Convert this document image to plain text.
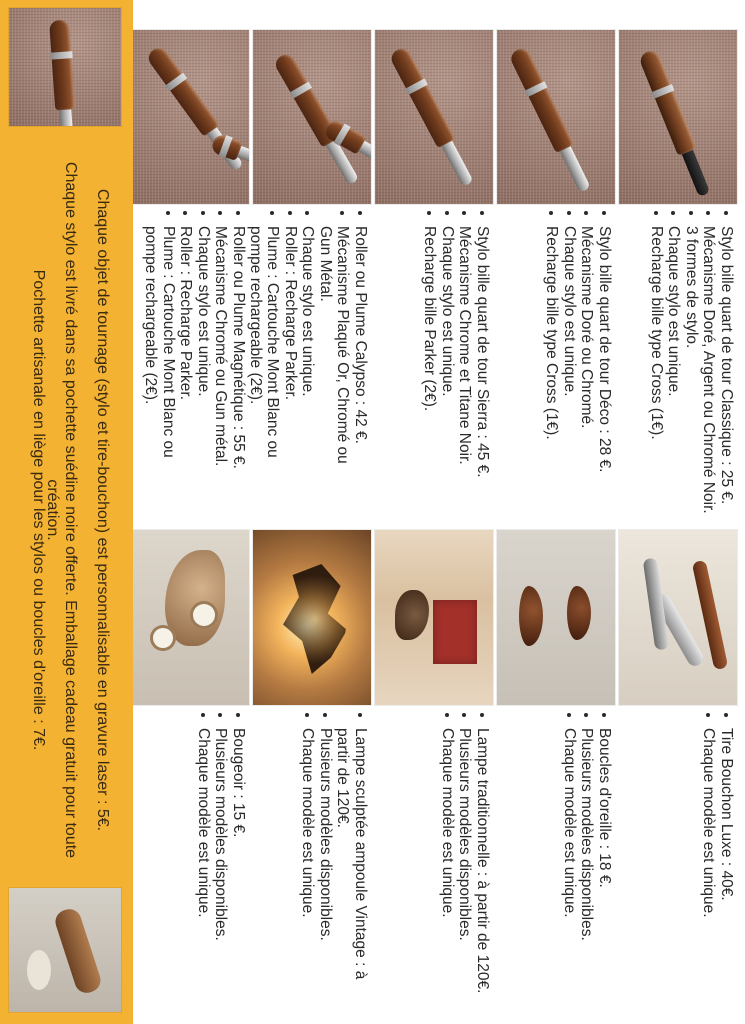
• Stylo bille quart de tour Classique : 25 €.
• Mécanisme Doré, Argent ou Chromé Noir.
• 3 formes de stylo.
• Chaque stylo est unique.
• Recharge bille type Cross (1€).
• Stylo bille quart de tour Déco : 28 €.
• Mécanisme Doré ou Chromé.
• Chaque stylo est unique.
• Recharge bille type Cross (1€).
• Stylo bille quart de tour Sierra : 45 €.
• Mécanisme Chrome et Titane Noir.
• Chaque stylo est unique.
• Recharge bille Parker (2€).
• Roller ou Plume Calypso : 42 €.
• Mécanisme Plaqué Or, Chromé ou Gun Métal.
• Chaque stylo est unique.
• Roller : Recharge Parker.
• Plume : Cartouche Mont Blanc ou pompe rechargeable (2€).
• Roller ou Plume Magnétique : 55 €.
• Mécanisme Chromé ou Gun métal.
• Chaque stylo est unique.
• Roller : Recharge Parker.
• Plume : Cartouche Mont Blanc ou pompe rechargeable (2€).
• Tire Bouchon Luxe : 40€.
• Chaque modèle est unique.
• Boucles d'oreille : 18 €.
• Plusieurs modèles disponibles.
• Chaque modèle est unique.
• Lampe traditionnelle : à partir de 120€.
• Plusieurs modèles disponibles.
• Chaque modèle est unique.
• Lampe sculptée ampoule Vintage : à partir de 120€.
• Plusieurs modèles disponibles.
• Chaque modèle est unique.
• Bougeoir : 15 €.
• Plusieurs modèles disponibles.
• Chaque modèle est unique.

Chaque objet de tournage (stylo et tire-bouchon) est personnalisable en gravure laser : 5€.

Chaque stylo est livré dans sa pochette suédine noire offerte. Emballage cadeau gratuit pour toute création.

Pochette artisanale en liège pour les stylos ou boucles d'oreille : 7€.
